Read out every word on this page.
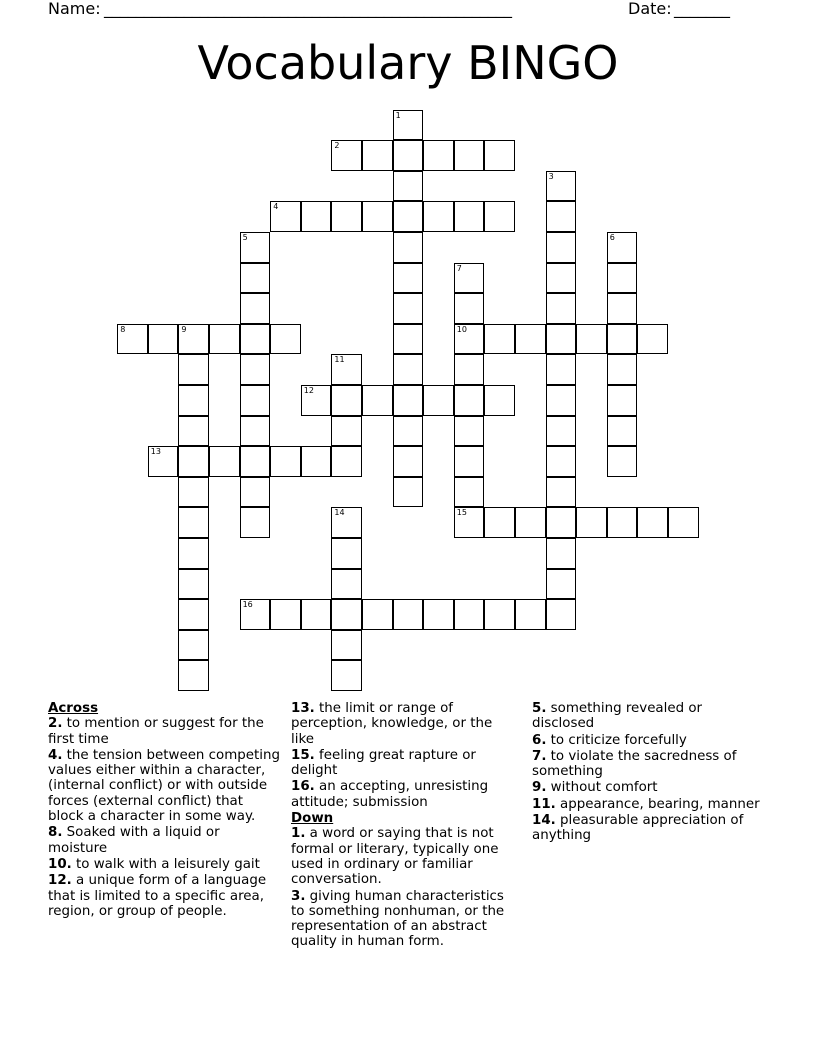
Name: ___________________________________________________	Date: _______
Vocabulary BINGO
1
2
3
4
5	6
7
10
15
8	9
11
12
13
14
16

Across

2. to mention or suggest for the first time

4. the tension between competing values either within a character, (internal conflict) or with outside forces (external conflict) that block a character in some way.

8. Soaked with a liquid or moisture

10. to walk with a leisurely gait

12. a unique form of a language that is limited to a specific area, region, or group of people.

13. the limit or range of perception, knowledge, or the like

15. feeling great rapture or delight

16. an accepting, unresisting attitude; submission

Down

1. a word or saying that is not formal or literary, typically one used in ordinary or familiar conversation.

3. giving human characteristics to something nonhuman, or the representation of an abstract quality in human form.

5. something revealed or disclosed

6. to criticize forcefully

7. to violate the sacredness of something

9. without comfort

11. appearance, bearing, manner

14. pleasurable appreciation of anything
